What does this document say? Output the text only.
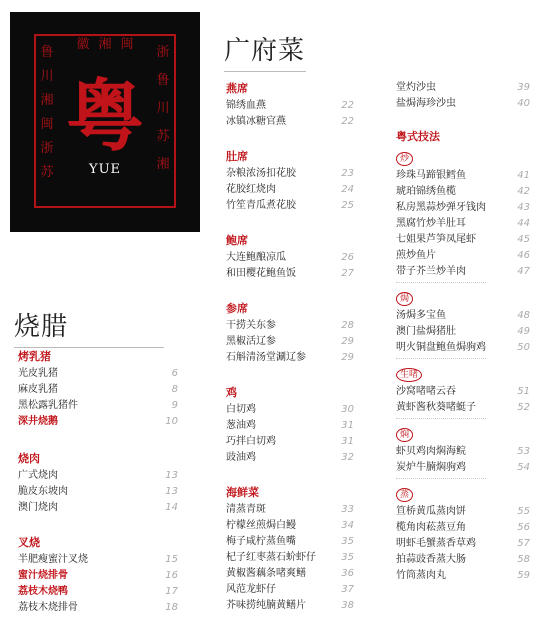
徽 湘 闽
鲁
川
湘
闽
浙
苏
浙
鲁
川
苏
湘
粤
YUE
广府菜
烧腊
烤乳猪
光皮乳猪	6
麻皮乳猪	8
黑松露乳猪件	9
深井烧鹅	10
烧肉
广式烧肉	13
脆皮东坡肉	13
澳门烧肉	14
叉烧
半肥瘦蜜汁叉烧	15
蜜汁烧排骨	16
荔枝木烧鸭	17
荔枝木烧排骨	18
燕席
锦绣血燕	22
冰镇冰糖官燕	22
肚席
杂粮浓汤扣花胶	23
花胶红烧肉	24
竹笙青瓜煮花胶	25
鲍席
大连鲍酿凉瓜	26
和田樱花鲍鱼饭	27
参席
干捞关东参	28
黑椒活辽参	29
石斛清汤堂涮辽参	29
鸡
白切鸡	30
葱油鸡	31
巧拌白切鸡	31
豉油鸡	32
海鲜菜
清蒸青斑	33
柠檬丝煎焗白鳗	34
梅子咸柠蒸鱼嘴	35
杞子红枣蒸石蚧虾仔	35
黄椒酱藕条啫爽鳝	36
风范龙虾仔	37
芥味捞纯腩黄鳝片	38
堂灼沙虫	39
盐焗海珍沙虫	40
粤式技法
炒
珍珠马蹄银鳕鱼	41
琥珀锦绣鱼榄	42
私房黑蒜炒弹牙钱肉	43
黑腐竹炒羊肚耳	44
七姐果芦笋凤尾虾	45
煎炒鱼片	46
带子芥兰炒羊肉	47
焗
汤焗多宝鱼	48
澳门盐焗猪肚	49
明火铜盘鲍鱼焗驹鸡	50
生啫
沙窝啫啫云吞	51
黄虾酱秋葵啫蜓子	52
焖
虾贝鸡肉焖海鲩	53
炭炉牛腩焖驹鸡	54
蒸
笪桥黄瓜蒸肉饼	55
榄角肉菘蒸豆角	56
明虾毛蟹蒸香草鸡	57
拍蒜豉香蒸大肠	58
竹筒蒸肉丸	59
